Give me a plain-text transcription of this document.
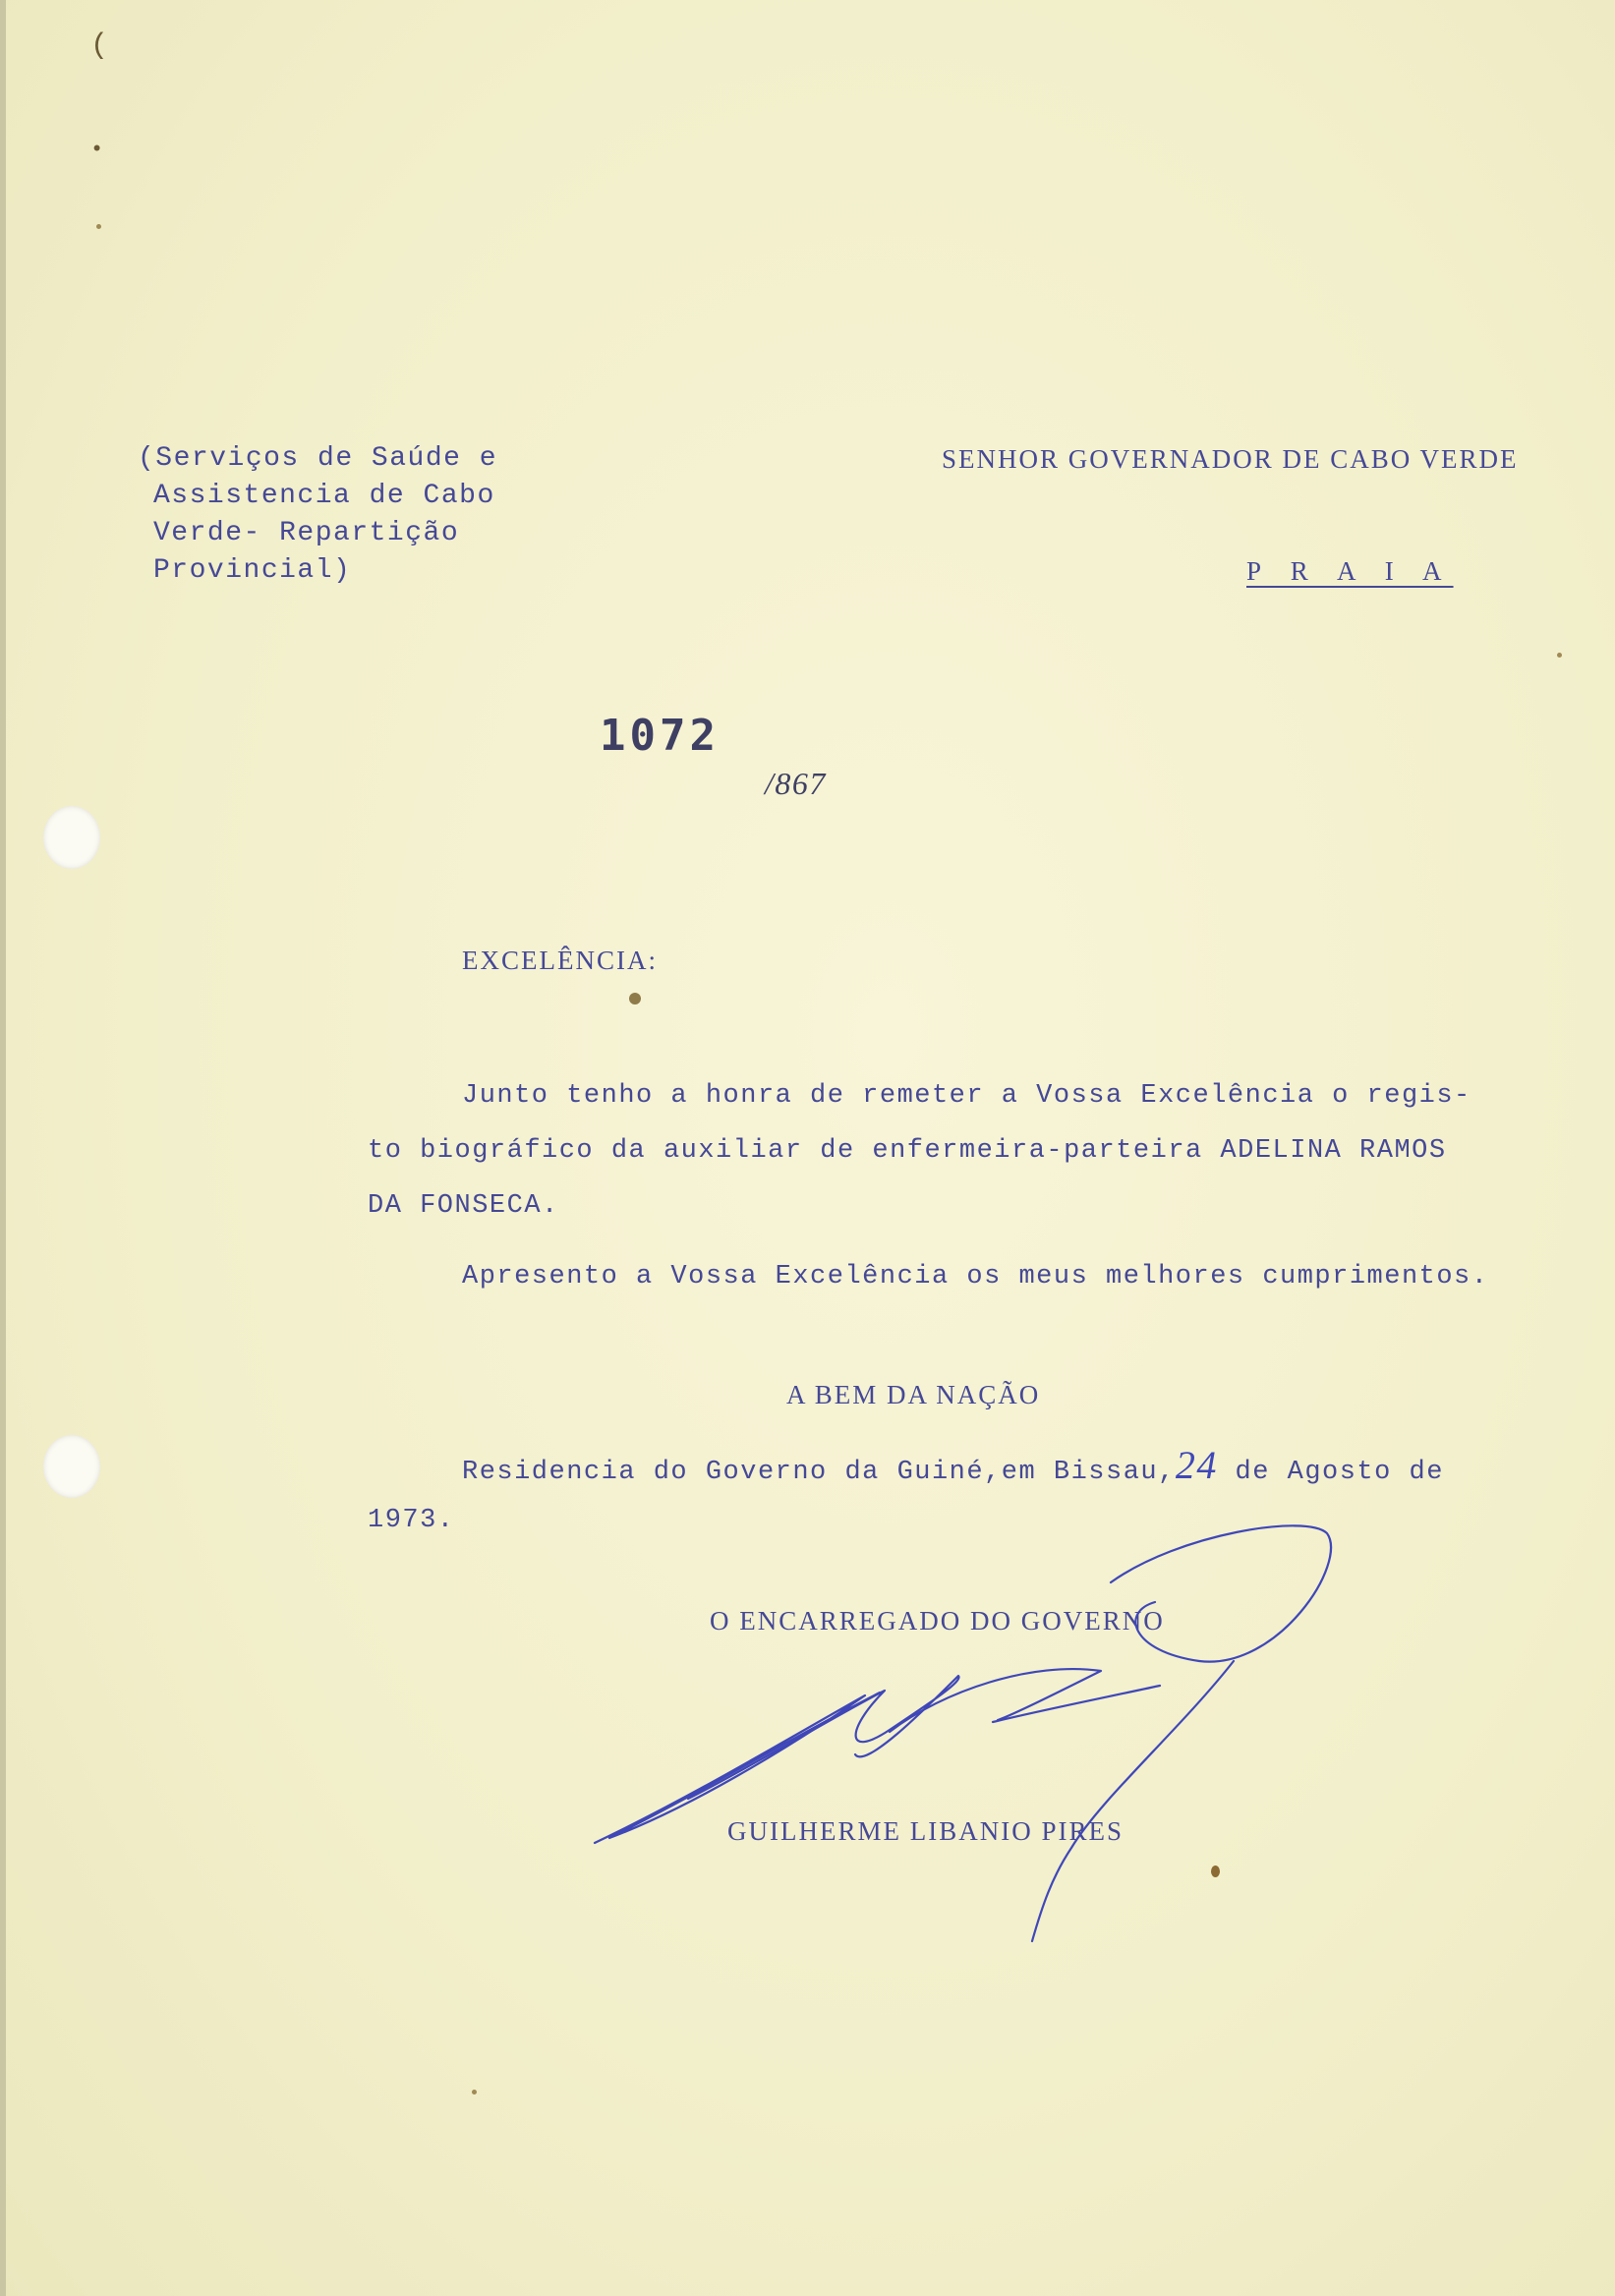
(
•
(Serviços de Saúde e
Assistencia de Cabo
Verde- Repartição
Provincial)
SENHOR GOVERNADOR DE CABO VERDE
P R A I A
1072
/867
EXCELÊNCIA:
Junto tenho a honra de remeter a Vossa Excelência o regis-
to biográfico da auxiliar de enfermeira-parteira ADELINA RAMOS
DA FONSECA.
Apresento a Vossa Excelência os meus melhores cumprimentos.
A BEM DA NAÇÃO
Residencia do Governo da Guiné,em Bissau,24 de Agosto de
1973.
O ENCARREGADO DO GOVERNO
GUILHERME LIBANIO PIRES
